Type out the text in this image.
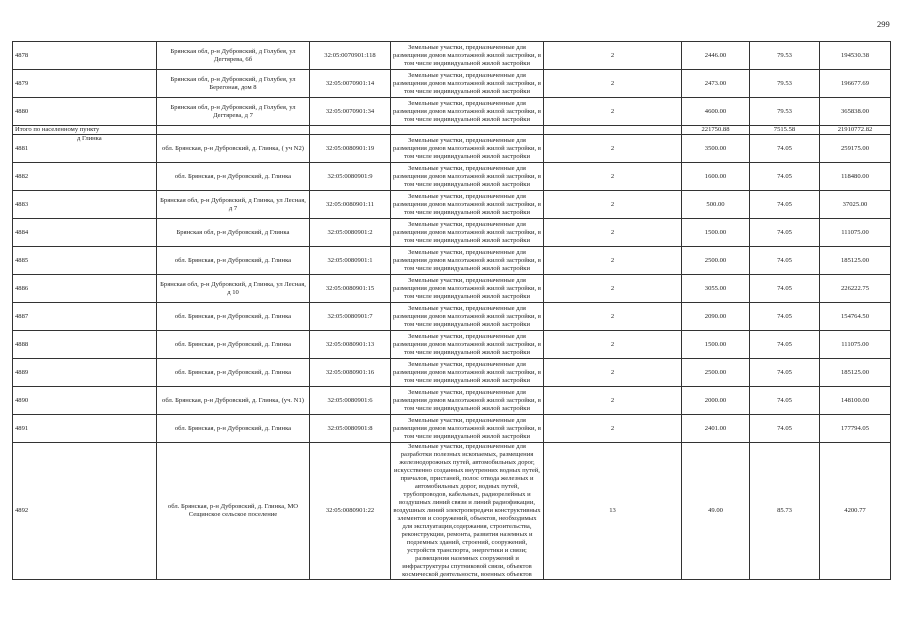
299
4878	Брянская обл, р-н Дубровский, д Голубея, ул Дегтярева, 6б	32:05:0070901:118	Земельные участки, предназначенные для размещения домов малоэтажной жилой застройки, в том числе индивидуальной жилой застройки	2	2446.00	79.53	194530.38
4879	Брянская обл, р-н Дубровский, д Голубея, ул Берегоная, дом 8	32:05:0070901:14	Земельные участки, предназначенные для размещения домов малоэтажной жилой застройки, в том числе индивидуальной жилой застройки	2	2473.00	79.53	196677.69
4880	Брянская обл, р-н Дубровский, д Голубея, ул Дегтярева, д 7	32:05:0070901:34	Земельные участки, предназначенные для размещения домов малоэтажной жилой застройки, в том числе индивидуальной жилой застройки	2	4600.00	79.53	365838.00
Итого по населенному пункту					221750.88	7515.58	21910772.82

д Глинка
4881	обл. Брянская, р-н Дубровский, д. Глинка, ( уч N2)	32:05:0080901:19	Земельные участки, предназначенные для размещения домов малоэтажной жилой застройки, в том числе индивидуальной жилой застройки	2	3500.00	74.05	259175.00
4882	обл. Брянская, р-н Дубровский, д. Глинка	32:05:0080901:9	Земельные участки, предназначенные для размещения домов малоэтажной жилой застройки, в том числе индивидуальной жилой застройки	2	1600.00	74.05	118480.00
4883	Брянская обл, р-н Дубровский, д Глинка, ул Лесная, д 7	32:05:0080901:11	Земельные участки, предназначенные для размещения домов малоэтажной жилой застройки, в том числе индивидуальной жилой застройки	2	500.00	74.05	37025.00
4884	Брянская обл, р-н Дубровский, д Глинка	32:05:0080901:2	Земельные участки, предназначенные для размещения домов малоэтажной жилой застройки, в том числе индивидуальной жилой застройки	2	1500.00	74.05	111075.00
4885	обл. Брянская, р-н Дубровский, д. Глинка	32:05:0080901:1	Земельные участки, предназначенные для размещения домов малоэтажной жилой застройки, в том числе индивидуальной жилой застройки	2	2500.00	74.05	185125.00
4886	Брянская обл, р-н Дубровский, д Глинка, ул Лесная, д 10	32:05:0080901:15	Земельные участки, предназначенные для размещения домов малоэтажной жилой застройки, в том числе индивидуальной жилой застройки	2	3055.00	74.05	226222.75
4887	обл. Брянская, р-н Дубровский, д. Глинка	32:05:0080901:7	Земельные участки, предназначенные для размещения домов малоэтажной жилой застройки, в том числе индивидуальной жилой застройки	2	2090.00	74.05	154764.50
4888	обл. Брянская, р-н Дубровский, д. Глинка	32:05:0080901:13	Земельные участки, предназначенные для размещения домов малоэтажной жилой застройки, в том числе индивидуальной жилой застройки	2	1500.00	74.05	111075.00
4889	обл. Брянская, р-н Дубровский, д. Глинка	32:05:0080901:16	Земельные участки, предназначенные для размещения домов малоэтажной жилой застройки, в том числе индивидуальной жилой застройки	2	2500.00	74.05	185125.00
4890	обл. Брянская, р-н Дубровский, д. Глинка, (уч. N1)	32:05:0080901:6	Земельные участки, предназначенные для размещения домов малоэтажной жилой застройки, в том числе индивидуальной жилой застройки	2	2000.00	74.05	148100.00
4891	обл. Брянская, р-н Дубровский, д. Глинка	32:05:0080901:8	Земельные участки, предназначенные для размещения домов малоэтажной жилой застройки, в том числе индивидуальной жилой застройки	2	2401.00	74.05	177794.05
4892	обл. Брянская, р-н Дубровский, д. Глинка, МО Сещинское сельское поселение	32:05:0080901:22	Земельные участки, предназначенные для разработки полезных ископаемых, размещения железнодорожных путей, автомобильных дорог, искусственно созданных внутренних водных путей, причалов, пристаней, полос отвода железных и автомобильных дорог, водных путей, трубопроводов, кабельных, радиорелейных и воздушных линий связи и линий радиофикации, воздушных линий электропередачи конструктивных элементов и сооружений, объектов, необходимых для эксплуатации,содержания, строительства, реконструкции, ремонта, развития наземных и подземных зданий, строений, сооружений, устройств транспорта, энергетики и связи; размещения наземных сооружений и инфраструктуры спутниковой связи, объектов космической деятельности, военных объектов	13	49.00	85.73	4200.77
